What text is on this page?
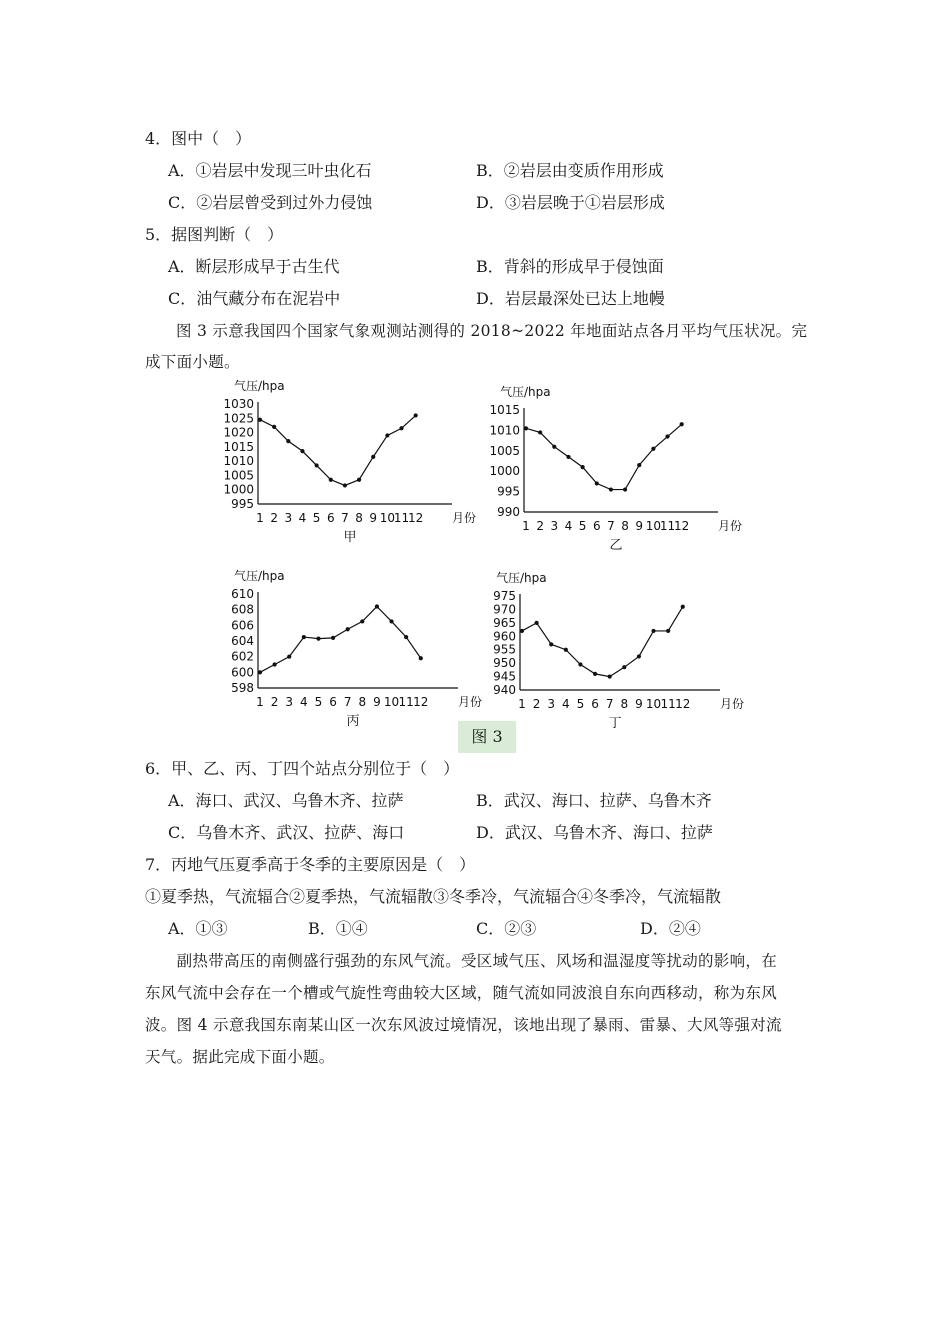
4．图中（　）
A．①岩层中发现三叶虫化石	B．②岩层由变质作用形成
C．②岩层曾受到过外力侵蚀	D．③岩层晚于①岩层形成
5．据图判断（　）
A．断层形成早于古生代	B．背斜的形成早于侵蚀面
C．油气藏分布在泥岩中	D．岩层最深处已达上地幔
图 3 示意我国四个国家气象观测站测得的 2018~2022 年地面站点各月平均气压状况。完
成下面小题。
995
1000
1005
1010
1015
1020
1025
1030
气压/hpa
1 2 3 4 5 6 7 8 9 10
11
12 月份
甲
990
995
1000
1005
1010
1015
气压/hpa
1 2 3 4 5 6 7 8 9 10
11
12 月份
乙
598
600
602
604
606
608
610
气压/hpa
1 2 3 4 5 6 7 8 9 10 11 12 月份
丙
940
945
950
955
960
965
970
975
气压/hpa
1 2 3 4 5 6 7 8 9 10 11 12 月份
丁
图 3
6．甲、乙、丙、丁四个站点分别位于（　）
A．海口、武汉、乌鲁木齐、拉萨	B．武汉、海口、拉萨、乌鲁木齐
C．乌鲁木齐、武汉、拉萨、海口	D．武汉、乌鲁木齐、海口、拉萨
7．丙地气压夏季高于冬季的主要原因是（　）
①夏季热，气流辐合②夏季热，气流辐散③冬季冷，气流辐合④冬季冷，气流辐散
A．①③	B．①④	C．②③	D．②④
　　副热带高压的南侧盛行强劲的东风气流。受区域气压、风场和温湿度等扰动的影响，在
东风气流中会存在一个槽或气旋性弯曲较大区域，随气流如同波浪自东向西移动，称为东风
波。图 4 示意我国东南某山区一次东风波过境情况，该地出现了暴雨、雷暴、大风等强对流
天气。据此完成下面小题。
